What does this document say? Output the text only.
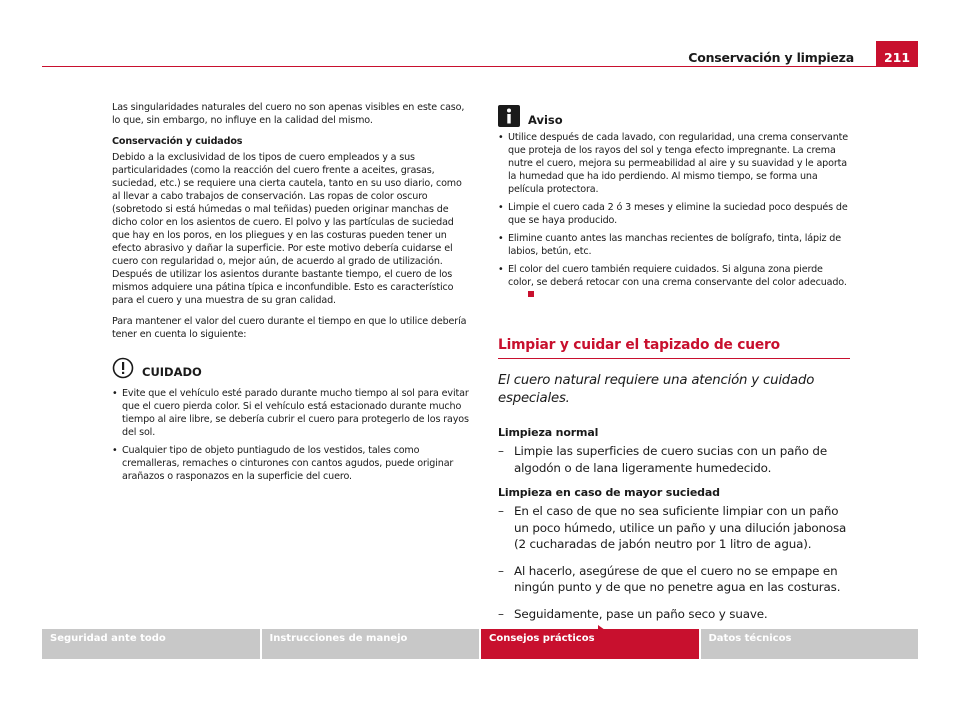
Conservación y limpieza	211

Las singularidades naturales del cuero no son apenas visibles en este caso, lo que, sin embargo, no influye en la calidad del mismo.

Conservación y cuidados

Debido a la exclusividad de los tipos de cuero empleados y a sus particularidades (como la reacción del cuero frente a aceites, grasas, suciedad, etc.) se requiere una cierta cautela, tanto en su uso diario, como al llevar a cabo trabajos de conservación. Las ropas de color oscuro (sobretodo si está húmedas o mal teñidas) pueden originar manchas de dicho color en los asientos de cuero. El polvo y las partículas de suciedad que hay en los poros, en los pliegues y en las costuras pueden tener un efecto abrasivo y dañar la superficie. Por este motivo debería cuidarse el cuero con regularidad o, mejor aún, de acuerdo al grado de utilización. Después de utilizar los asientos durante bastante tiempo, el cuero de los mismos adquiere una pátina típica e inconfundible. Esto es característico para el cuero y una muestra de su gran calidad.

Para mantener el valor del cuero durante el tiempo en que lo utilice debería tener en cuenta lo siguiente:

CUIDADO
• Evite que el vehículo esté parado durante mucho tiempo al sol para evitar que el cuero pierda color. Si el vehículo está estacionado durante mucho tiempo al aire libre, se debería cubrir el cuero para protegerlo de los rayos del sol.
• Cualquier tipo de objeto puntiagudo de los vestidos, tales como cremalleras, remaches o cinturones con cantos agudos, puede originar arañazos o rasponazos en la superficie del cuero.
Aviso
• Utilice después de cada lavado, con regularidad, una crema conservante que proteja de los rayos del sol y tenga efecto impregnante. La crema nutre el cuero, mejora su permeabilidad al aire y su suavidad y le aporta la humedad que ha ido perdiendo. Al mismo tiempo, se forma una película protectora.
• Limpie el cuero cada 2 ó 3 meses y elimine la suciedad poco después de que se haya producido.
• Elimine cuanto antes las manchas recientes de bolígrafo, tinta, lápiz de labios, betún, etc.
• El color del cuero también requiere cuidados. Si alguna zona pierde color, se deberá retocar con una crema conservante del color adecuado.
Limpiar y cuidar el tapizado de cuero
El cuero natural requiere una atención y cuidado especiales.
Limpieza normal
– Limpie las superficies de cuero sucias con un paño de algodón o de lana ligeramente humedecido.
Limpieza en caso de mayor suciedad
– En el caso de que no sea suficiente limpiar con un paño un poco húmedo, utilice un paño y una dilución jabonosa (2 cucharadas de jabón neutro por 1 litro de agua).
– Al hacerlo, asegúrese de que el cuero no se empape en ningún punto y de que no penetre agua en las costuras.
– Seguidamente, pase un paño seco y suave.
Seguridad ante todo	Instrucciones de manejo	Consejos prácticos	Datos técnicos
